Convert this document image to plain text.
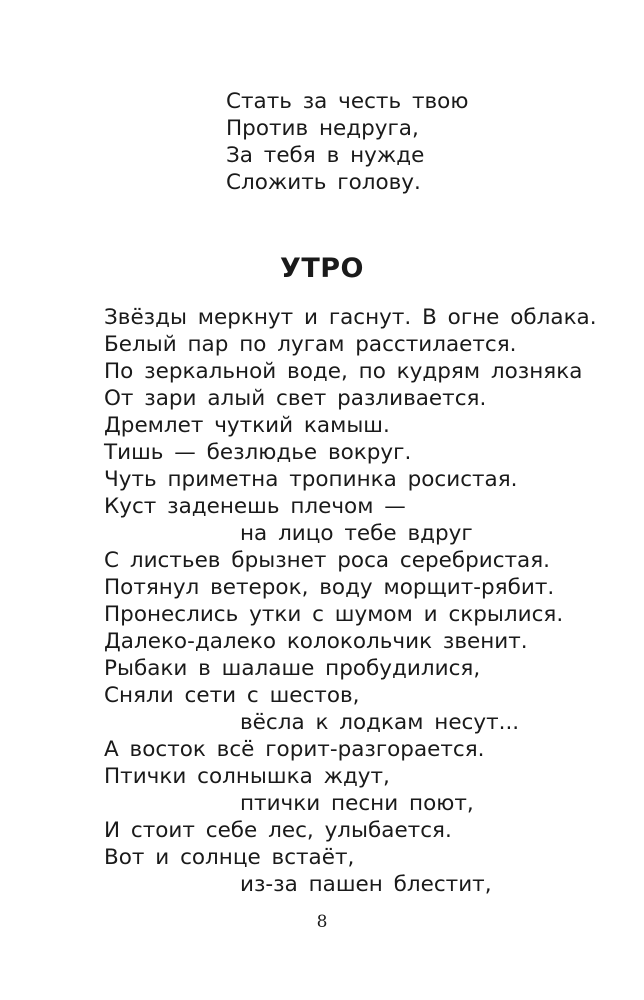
Стать за честь твою
Против недруга,
За тебя в нужде
Сложить голову.
УТРО
Звёзды меркнут и гаснут. В огне облака.
Белый пар по лугам расстилается.
По зеркальной воде, по кудрям лозняка
От зари алый свет разливается.
Дремлет чуткий камыш.
Тишь — безлюдье вокруг.
Чуть приметна тропинка росистая.
Куст заденешь плечом —
на лицо тебе вдруг
С листьев брызнет роса серебристая.
Потянул ветерок, воду морщит-рябит.
Пронеслись утки с шумом и скрылися.
Далеко-далеко колокольчик звенит.
Рыбаки в шалаше пробудилися,
Сняли сети с шестов,
вёсла к лодкам несут...
А восток всё горит-разгорается.
Птички солнышка ждут,
птички песни поют,
И стоит себе лес, улыбается.
Вот и солнце встаёт,
из-за пашен блестит,
8
